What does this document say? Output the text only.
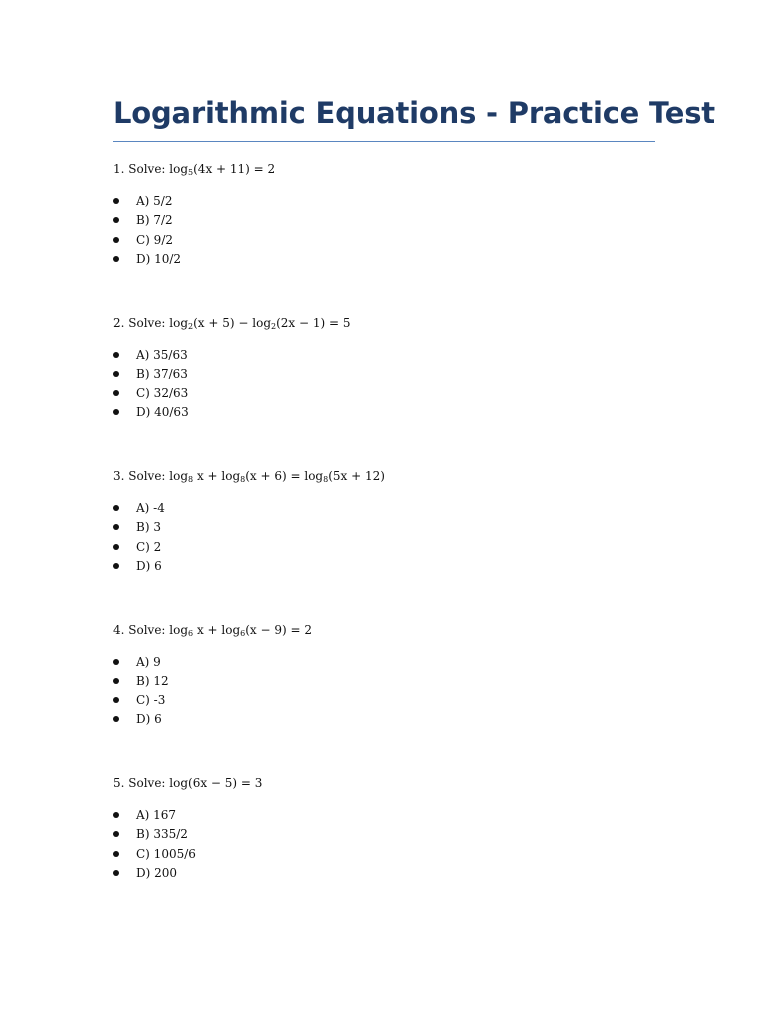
Logarithmic Equations - Practice Test

1. Solve: $\log_5(4x + 11) = 2$

A) 5/2
B) 7/2
C) 9/2
D) 10/2

2. Solve: $\log_2(x + 5) - \log_2(2x - 1) = 5$

A) 35/63
B) 37/63
C) 32/63
D) 40/63

3. Solve: $\log_8 x + \log_8(x + 6) = \log_8(5x + 12)$

A) -4
B) 3
C) 2
D) 6

4. Solve: $\log_6 x + \log_6(x - 9) = 2$

A) 9
B) 12
C) -3
D) 6

5. Solve: log(6x − 5) = 3

A) 167
B) 335/2
C) 1005/6
D) 200
